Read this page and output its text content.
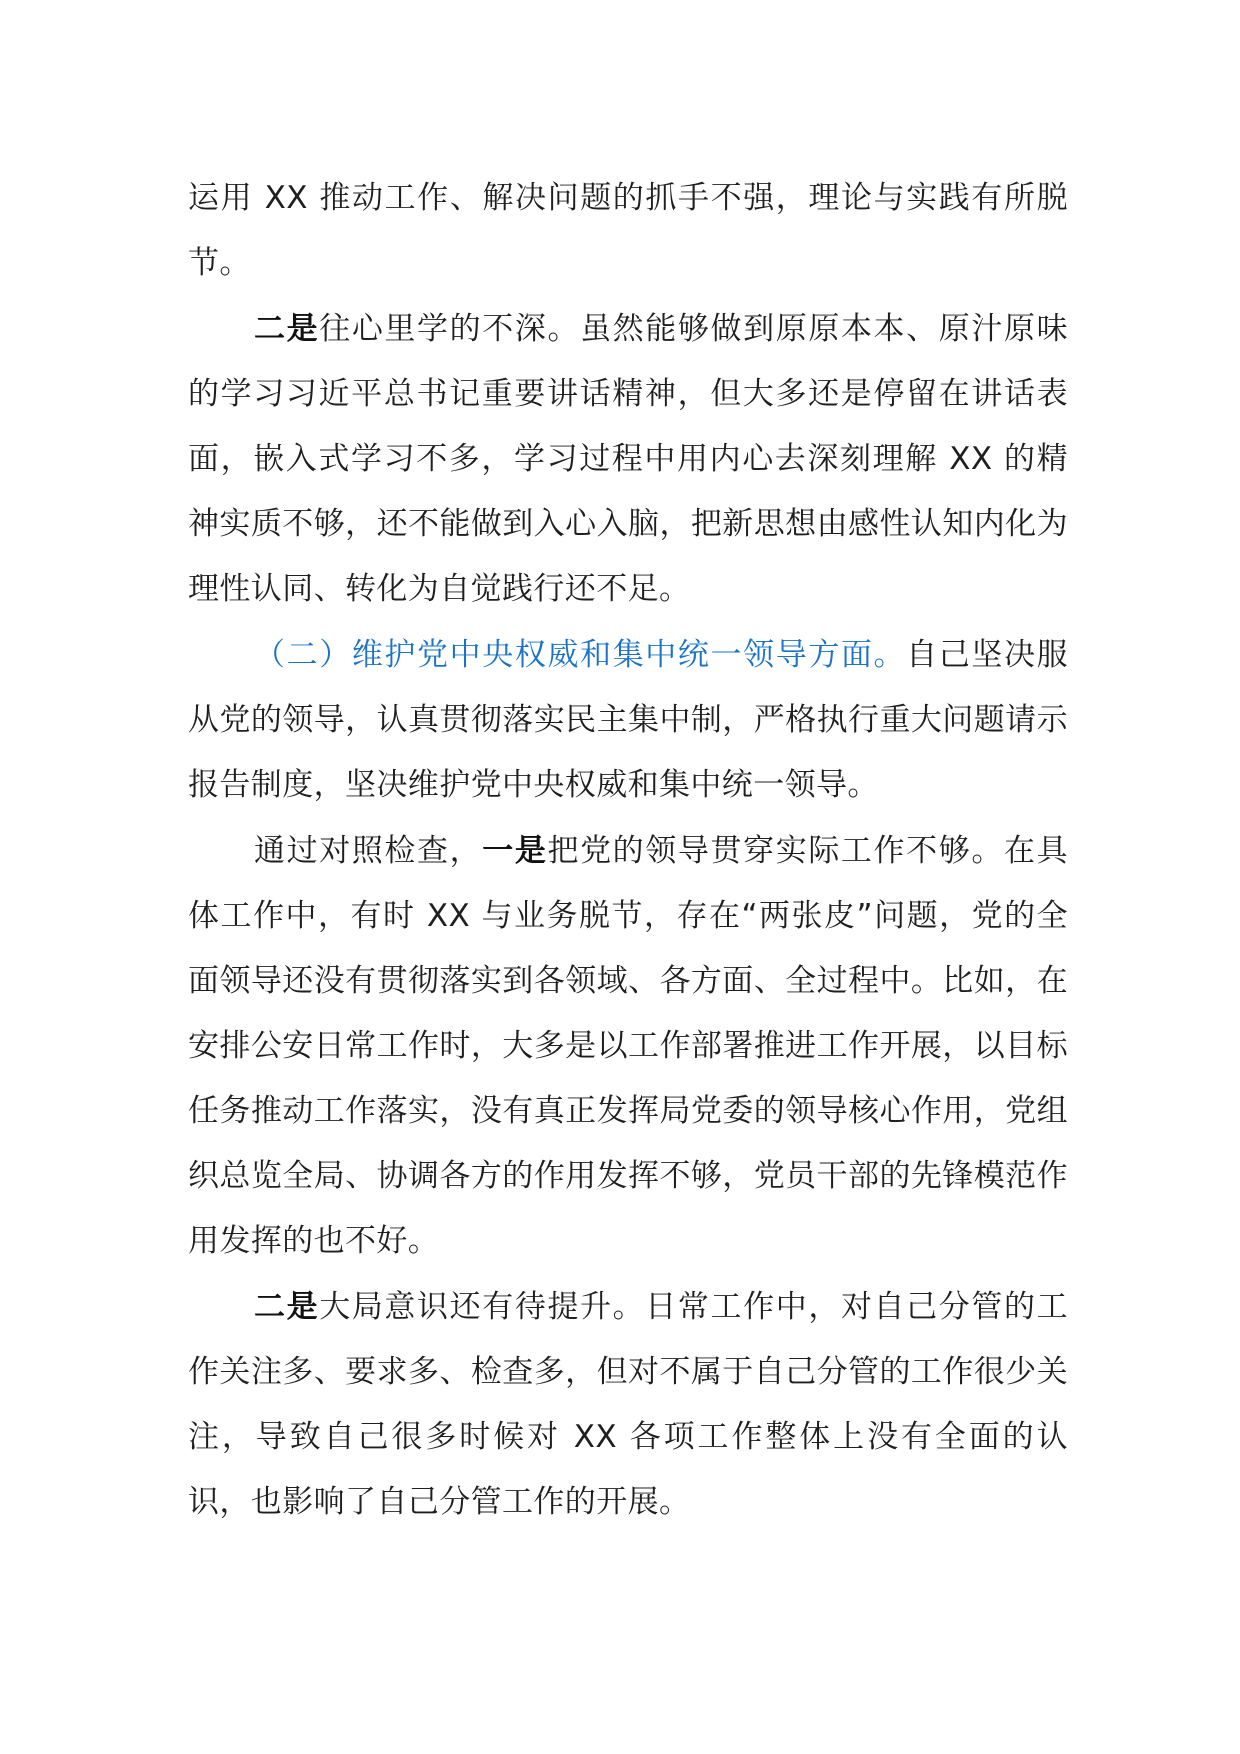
运用 XX 推动工作、解决问题的抓手不强，理论与实践有所脱节。

二是往心里学的不深。虽然能够做到原原本本、原汁原味的学习习近平总书记重要讲话精神，但大多还是停留在讲话表面，嵌入式学习不多，学习过程中用内心去深刻理解 XX 的精神实质不够，还不能做到入心入脑，把新思想由感性认知内化为理性认同、转化为自觉践行还不足。

（二）维护党中央权威和集中统一领导方面。自己坚决服从党的领导，认真贯彻落实民主集中制，严格执行重大问题请示报告制度，坚决维护党中央权威和集中统一领导。

通过对照检查，一是把党的领导贯穿实际工作不够。在具体工作中，有时 XX 与业务脱节，存在“两张皮”问题，党的全面领导还没有贯彻落实到各领域、各方面、全过程中。比如，在安排公安日常工作时，大多是以工作部署推进工作开展，以目标任务推动工作落实，没有真正发挥局党委的领导核心作用，党组织总览全局、协调各方的作用发挥不够，党员干部的先锋模范作用发挥的也不好。

二是大局意识还有待提升。日常工作中，对自己分管的工作关注多、要求多、检查多，但对不属于自己分管的工作很少关注，导致自己很多时候对 XX 各项工作整体上没有全面的认识，也影响了自己分管工作的开展。
